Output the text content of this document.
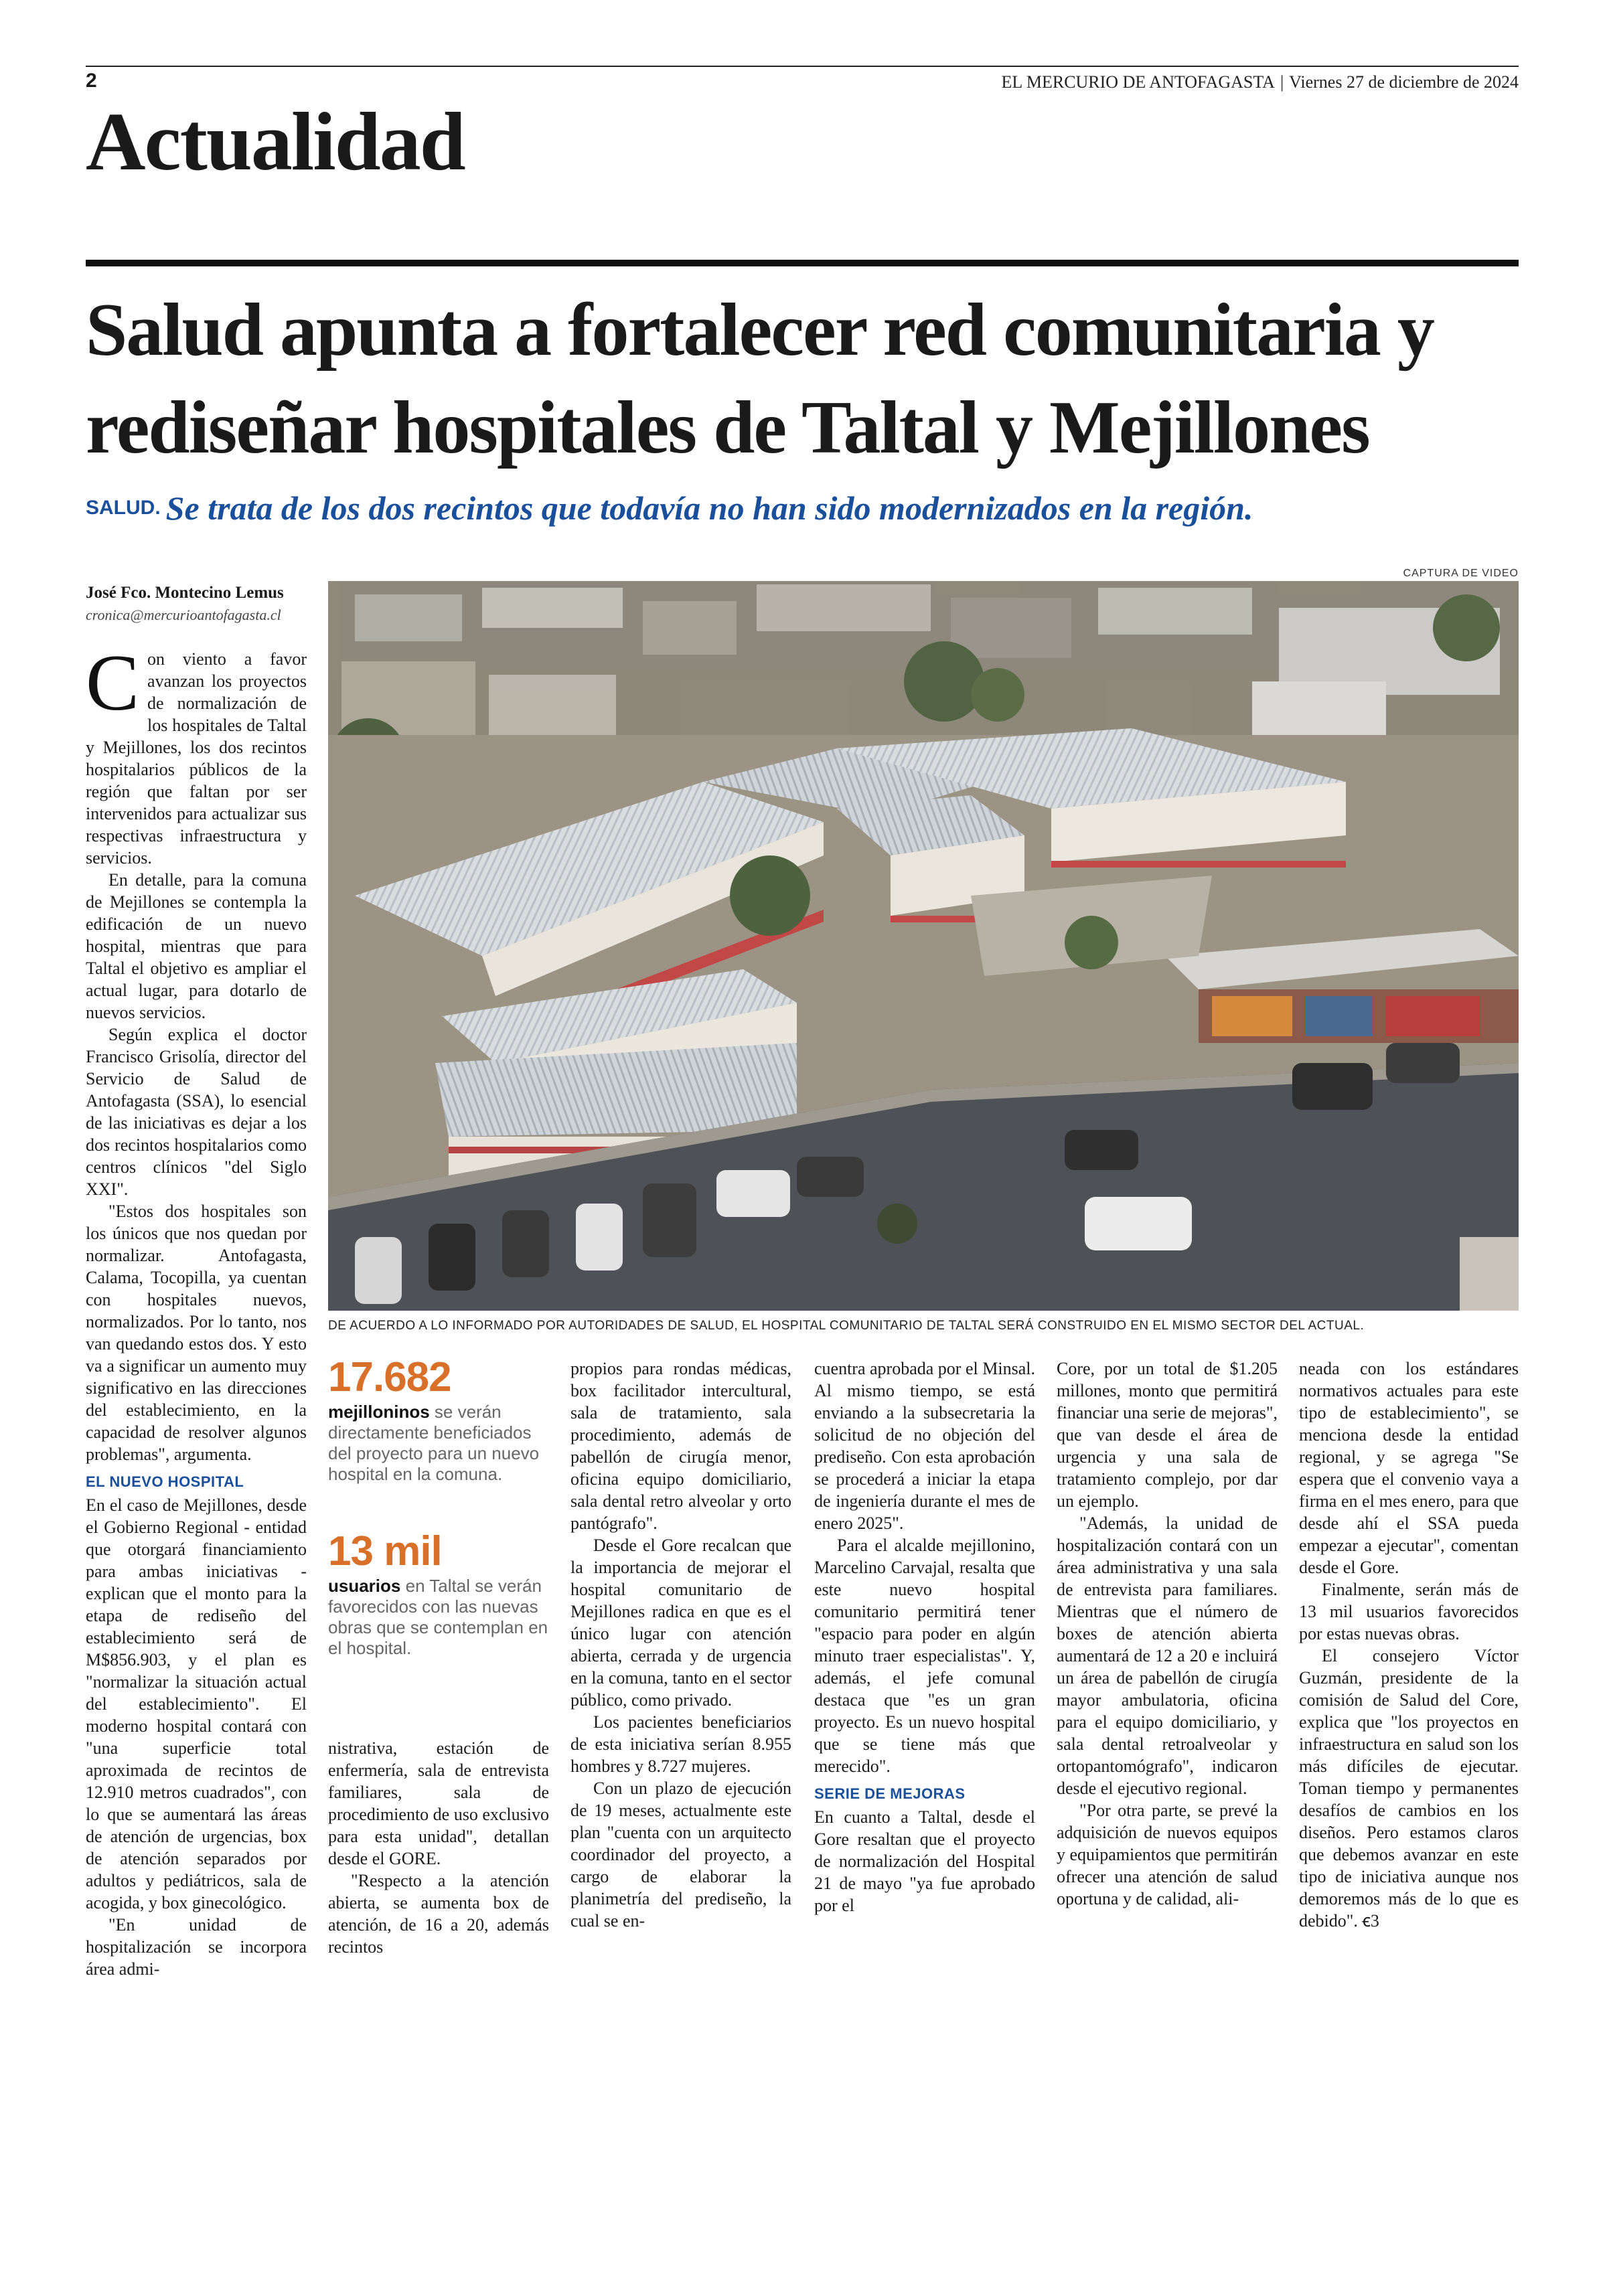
2	EL MERCURIO DE ANTOFAGASTA | Viernes 27 de diciembre de 2024
Actualidad
Salud apunta a fortalecer red comunitaria y rediseñar hospitales de Taltal y Mejillones
SALUD. Se trata de los dos recintos que todavía no han sido modernizados en la región.
José Fco. Montecino Lemus
cronica@mercurioantofagasta.cl
CAPTURA DE VIDEO
DE ACUERDO A LO INFORMADO POR AUTORIDADES DE SALUD, EL HOSPITAL COMUNITARIO DE TALTAL SERÁ CONSTRUIDO EN EL MISMO SECTOR DEL ACTUAL.
C on viento a favor avanzan los proyectos de normalización de los hospitales de Taltal y Mejillones, los dos recintos hospitalarios públicos de la región que faltan por ser intervenidos para actualizar sus respectivas infraestructura y servicios.

En detalle, para la comuna de Mejillones se contempla la edificación de un nuevo hospital, mientras que para Taltal el objetivo es ampliar el actual lugar, para dotarlo de nuevos servicios.

Según explica el doctor Francisco Grisolía, director del Servicio de Salud de Antofagasta (SSA), lo esencial de las iniciativas es dejar a los dos recintos hospitalarios como centros clínicos "del Siglo XXI".

"Estos dos hospitales son los únicos que nos quedan por normalizar. Antofagasta, Calama, Tocopilla, ya cuentan con hospitales nuevos, normalizados. Por lo tanto, nos van quedando estos dos. Y esto va a significar un aumento muy significativo en las direcciones del establecimiento, en la capacidad de resolver algunos problemas", argumenta.

EL NUEVO HOSPITAL

En el caso de Mejillones, desde el Gobierno Regional - entidad que otorgará financiamiento para ambas iniciativas - explican que el monto para la etapa de rediseño del establecimiento será de M$856.903, y el plan es "normalizar la situación actual del establecimiento". El moderno hospital contará con "una superficie total aproximada de recintos de 12.910 metros cuadrados", con lo que se aumentará las áreas de atención de urgencias, box de atención separados por adultos y pediátricos, sala de acogida, y box ginecológico.

"En unidad de hospitalización se incorpora área admi-

17.682
mejilloninos se verán directamente beneficiados del proyecto para un nuevo hospital en la comuna.
13 mil
usuarios en Taltal se verán favorecidos con las nuevas obras que se contemplan en el hospital.

nistrativa, estación de enfermería, sala de entrevista familiares, sala de procedimiento de uso exclusivo para esta unidad", detallan desde el GORE.

"Respecto a la atención abierta, se aumenta box de atención, de 16 a 20, además recintos

propios para rondas médicas, box facilitador intercultural, sala de tratamiento, sala procedimiento, además de pabellón de cirugía menor, oficina equipo domiciliario, sala dental retro alveolar y orto pantógrafo".

Desde el Gore recalcan que la importancia de mejorar el hospital comunitario de Mejillones radica en que es el único lugar con atención abierta, cerrada y de urgencia en la comuna, tanto en el sector público, como privado.

Los pacientes beneficiarios de esta iniciativa serían 8.955 hombres y 8.727 mujeres.

Con un plazo de ejecución de 19 meses, actualmente este plan "cuenta con un arquitecto coordinador del proyecto, a cargo de elaborar la planimetría del prediseño, la cual se en-

cuentra aprobada por el Minsal. Al mismo tiempo, se está enviando a la subsecretaria la solicitud de no objeción del prediseño. Con esta aprobación se procederá a iniciar la etapa de ingeniería durante el mes de enero 2025".

Para el alcalde mejillonino, Marcelino Carvajal, resalta que este nuevo hospital comunitario permitirá tener "espacio para poder en algún minuto traer especialistas". Y, además, el jefe comunal destaca que "es un gran proyecto. Es un nuevo hospital que se tiene más que merecido".

SERIE DE MEJORAS

En cuanto a Taltal, desde el Gore resaltan que el proyecto de normalización del Hospital 21 de mayo "ya fue aprobado por el

Core, por un total de $1.205 millones, monto que permitirá financiar una serie de mejoras", que van desde el área de urgencia y una sala de tratamiento complejo, por dar un ejemplo.

"Además, la unidad de hospitalización contará con un área administrativa y una sala de entrevista para familiares. Mientras que el número de boxes de atención abierta aumentará de 12 a 20 e incluirá un área de pabellón de cirugía mayor ambulatoria, oficina para el equipo domiciliario, y sala dental retroalveolar y ortopantomógrafo", indicaron desde el ejecutivo regional.

"Por otra parte, se prevé la adquisición de nuevos equipos y equipamientos que permitirán ofrecer una atención de salud oportuna y de calidad, ali-

neada con los estándares normativos actuales para este tipo de establecimiento", se menciona desde la entidad regional, y se agrega "Se espera que el convenio vaya a firma en el mes enero, para que desde ahí el SSA pueda empezar a ejecutar", comentan desde el Gore.

Finalmente, serán más de 13 mil usuarios favorecidos por estas nuevas obras.

El consejero Víctor Guzmán, presidente de la comisión de Salud del Core, explica que "los proyectos en infraestructura en salud son los más difíciles de ejecutar. Toman tiempo y permanentes desafíos de cambios en los diseños. Pero estamos claros que debemos avanzar en este tipo de iniciativa aunque nos demoremos más de lo que es debido". ꞓ3
